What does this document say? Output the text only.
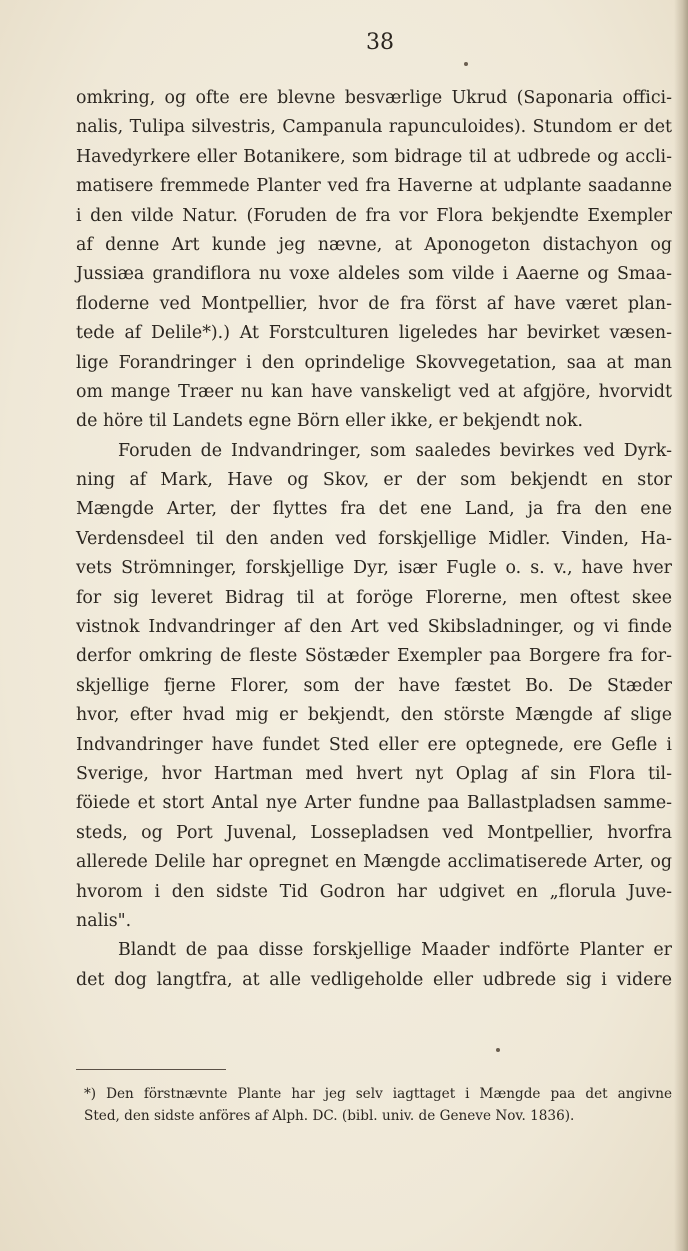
38
omkring, og ofte ere blevne besværlige Ukrud (Saponaria offici-
nalis, Tulipa silvestris, Campanula rapunculoides). Stundom er det
Havedyrkere eller Botanikere, som bidrage til at udbrede og accli-
matisere fremmede Planter ved fra Haverne at udplante saadanne
i den vilde Natur. (Foruden de fra vor Flora bekjendte Exempler
af denne Art kunde jeg nævne, at Aponogeton distachyon og
Jussiæa grandiflora nu voxe aldeles som vilde i Aaerne og Smaa-
floderne ved Montpellier, hvor de fra först af have været plan-
tede af Delile*).) At Forstculturen ligeledes har bevirket væsen-
lige Forandringer i den oprindelige Skovvegetation, saa at man
om mange Træer nu kan have vanskeligt ved at afgjöre, hvorvidt
de höre til Landets egne Börn eller ikke, er bekjendt nok.
Foruden de Indvandringer, som saaledes bevirkes ved Dyrk-
ning af Mark, Have og Skov, er der som bekjendt en stor
Mængde Arter, der flyttes fra det ene Land, ja fra den ene
Verdensdeel til den anden ved forskjellige Midler. Vinden, Ha-
vets Strömninger, forskjellige Dyr, især Fugle o. s. v., have hver
for sig leveret Bidrag til at foröge Florerne, men oftest skee
vistnok Indvandringer af den Art ved Skibsladninger, og vi finde
derfor omkring de fleste Söstæder Exempler paa Borgere fra for-
skjellige fjerne Florer, som der have fæstet Bo. De Stæder
hvor, efter hvad mig er bekjendt, den störste Mængde af slige
Indvandringer have fundet Sted eller ere optegnede, ere Gefle i
Sverige, hvor Hartman med hvert nyt Oplag af sin Flora til-
föiede et stort Antal nye Arter fundne paa Ballastpladsen samme-
steds, og Port Juvenal, Lossepladsen ved Montpellier, hvorfra
allerede Delile har opregnet en Mængde acclimatiserede Arter, og
hvorom i den sidste Tid Godron har udgivet en „florula Juve-
nalis".
Blandt de paa disse forskjellige Maader indförte Planter er
det dog langtfra, at alle vedligeholde eller udbrede sig i videre
*) Den förstnævnte Plante har jeg selv iagttaget i Mængde paa det angivne
Sted, den sidste anföres af Alph. DC. (bibl. univ. de Geneve Nov. 1836).
